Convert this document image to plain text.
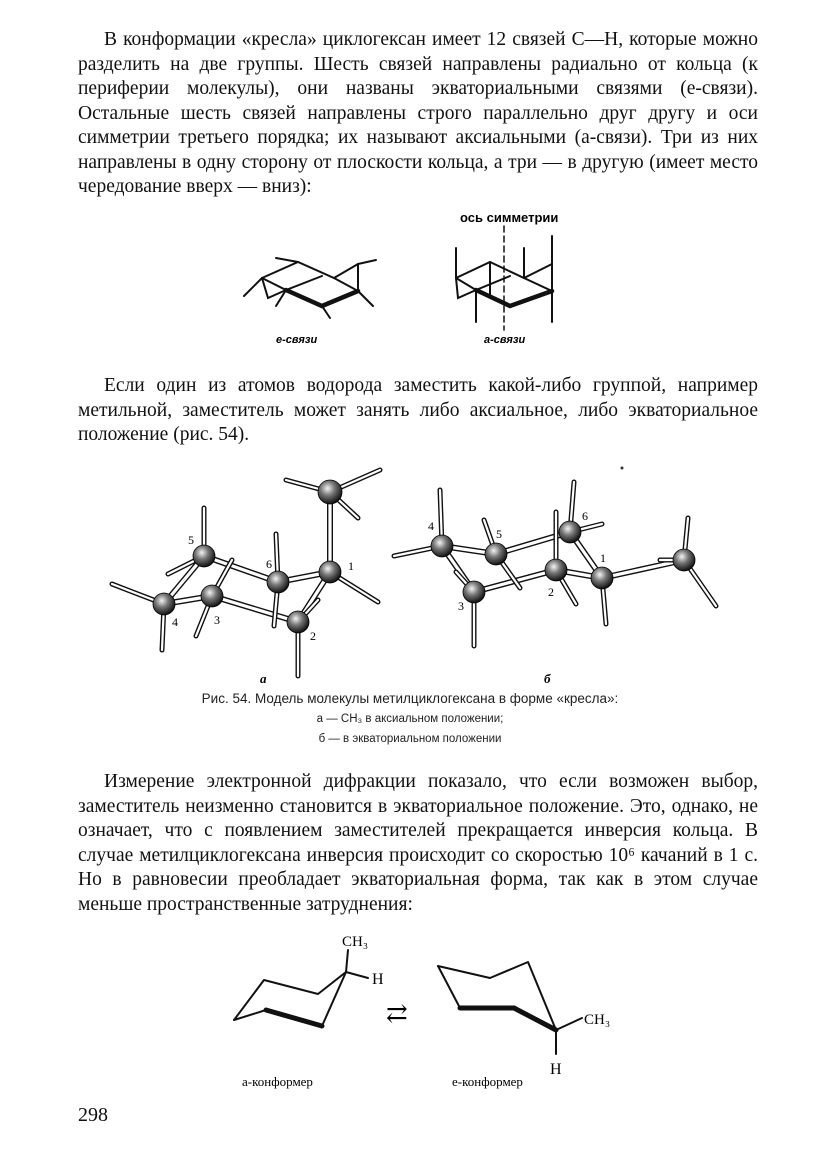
В конформации «кресла» циклогексан имеет 12 связей С—Н, которые можно разделить на две группы. Шесть связей направлены радиально от кольца (к периферии молекулы), они названы экваториальными связями (е-связи). Остальные шесть связей направлены строго параллельно друг другу и оси симметрии третьего порядка; их называют аксиальными (а-связи). Три из них направлены в одну сторону от плоскости кольца, а три — в другую (имеет место чередование вверх — вниз):

ось симметрии
е-связи	а-связи

Если один из атомов водорода заместить какой-либо группой, например метильной, заместитель может занять либо аксиальное, либо экваториальное положение (рис. 54).

1
2
3
4
5
6
а
1
2
3
4
5
6
б
Рис. 54. Модель молекулы метилциклогексана в форме «кресла»:
а — СН₃ в аксиальном положении;
б — в экваториальном положении

Измерение электронной дифракции показало, что если возможен выбор, заместитель неизменно становится в экваториальное положение. Это, однако, не означает, что с появлением заместителей прекращается инверсия кольца. В случае метилциклогексана инверсия происходит со скоростью 10⁶ качаний в 1 с. Но в равновесии преобладает экваториальная форма, так как в этом случае меньше пространственные затруднения:

CH₃
H
⇄	CH₃
H
а-конформер	е-конформер
298
